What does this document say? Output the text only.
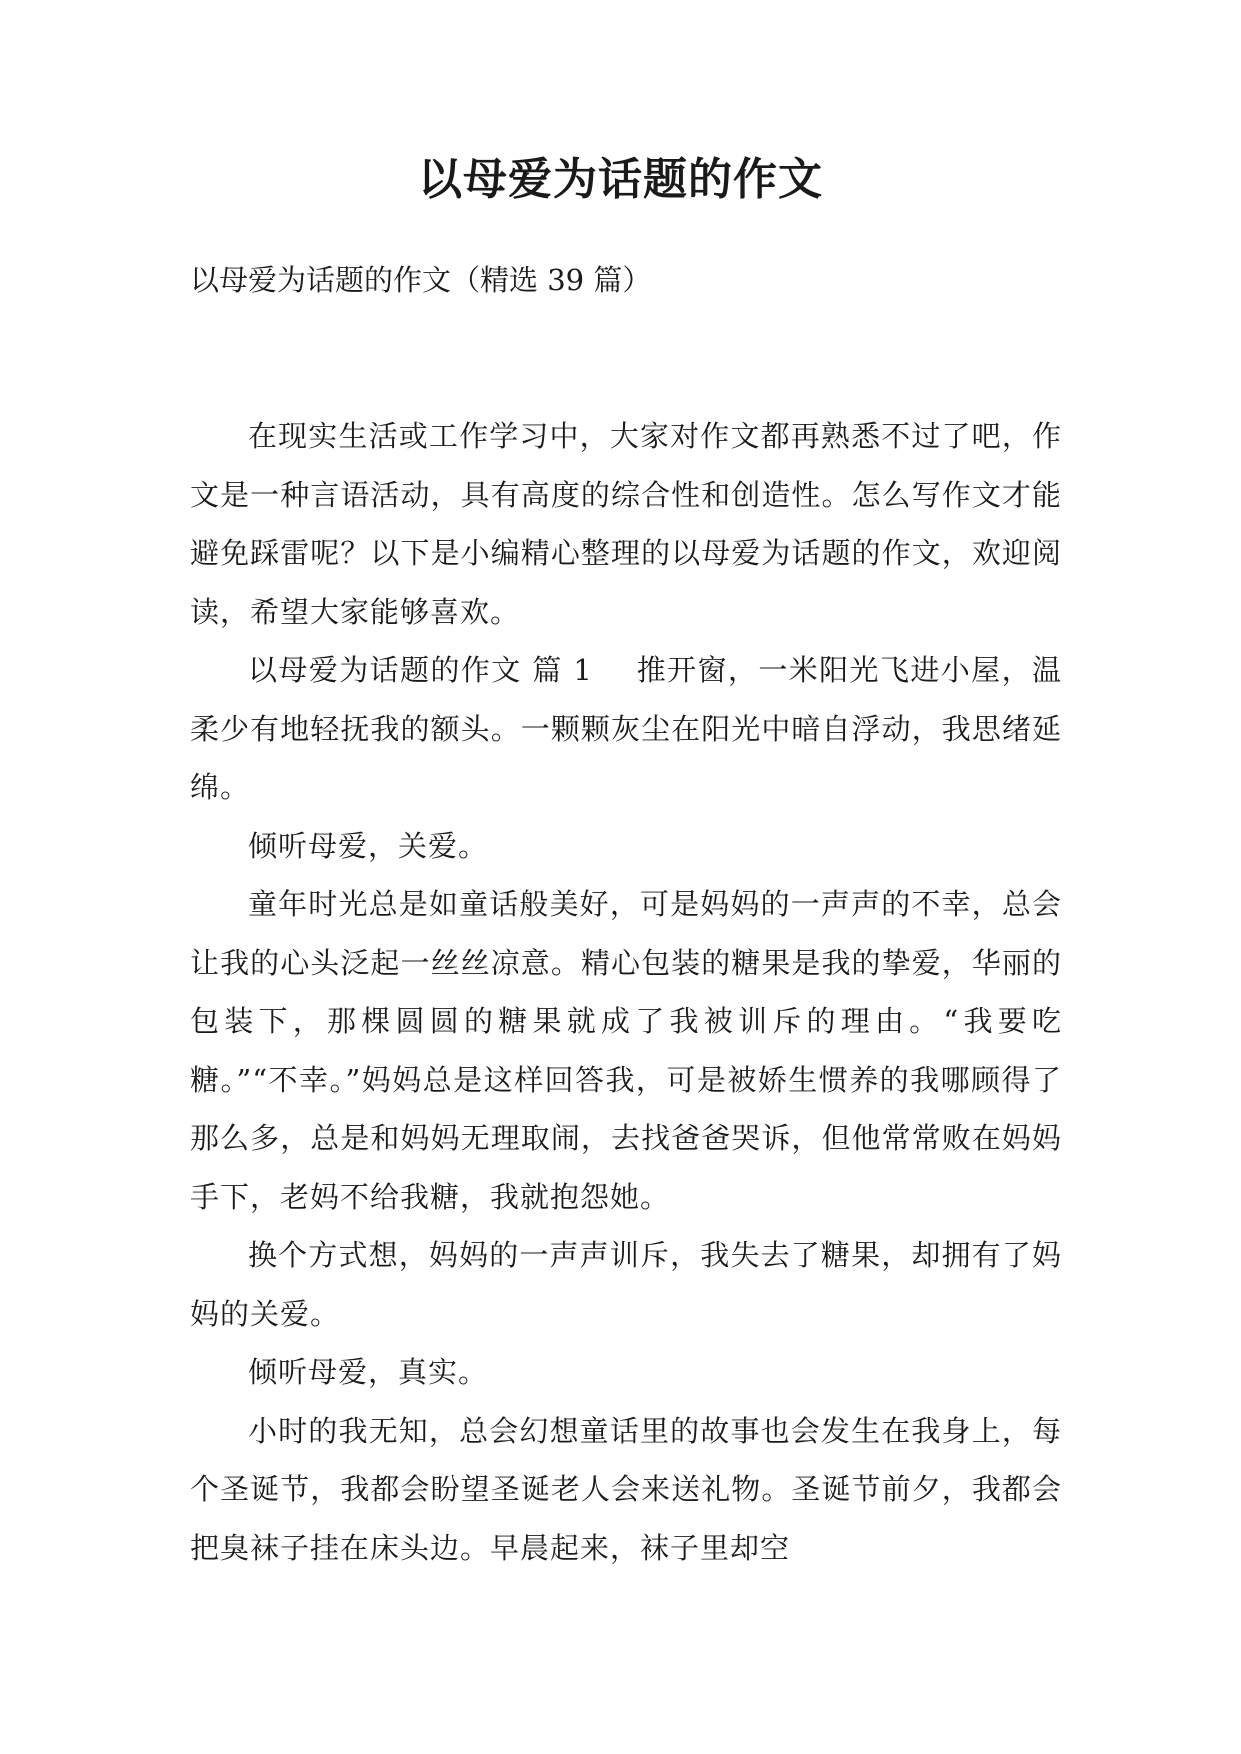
以母爱为话题的作文

以母爱为话题的作文（精选 39 篇）

在现实生活或工作学习中，大家对作文都再熟悉不过了吧，作文是一种言语活动，具有高度的综合性和创造性。怎么写作文才能避免踩雷呢？以下是小编精心整理的以母爱为话题的作文，欢迎阅读，希望大家能够喜欢。

以母爱为话题的作文 篇 1 推开窗，一米阳光飞进小屋，温柔少有地轻抚我的额头。一颗颗灰尘在阳光中暗自浮动，我思绪延绵。

倾听母爱，关爱。

童年时光总是如童话般美好，可是妈妈的一声声的不幸，总会让我的心头泛起一丝丝凉意。精心包装的糖果是我的挚爱，华丽的包装下，那棵圆圆的糖果就成了我被训斥的理由。“我要吃糖。”“不幸。”妈妈总是这样回答我，可是被娇生惯养的我哪顾得了那么多，总是和妈妈无理取闹，去找爸爸哭诉，但他常常败在妈妈手下，老妈不给我糖，我就抱怨她。

换个方式想，妈妈的一声声训斥，我失去了糖果，却拥有了妈妈的关爱。

倾听母爱，真实。

小时的我无知，总会幻想童话里的故事也会发生在我身上，每个圣诞节，我都会盼望圣诞老人会来送礼物。圣诞节前夕，我都会把臭袜子挂在床头边。早晨起来，袜子里却空
